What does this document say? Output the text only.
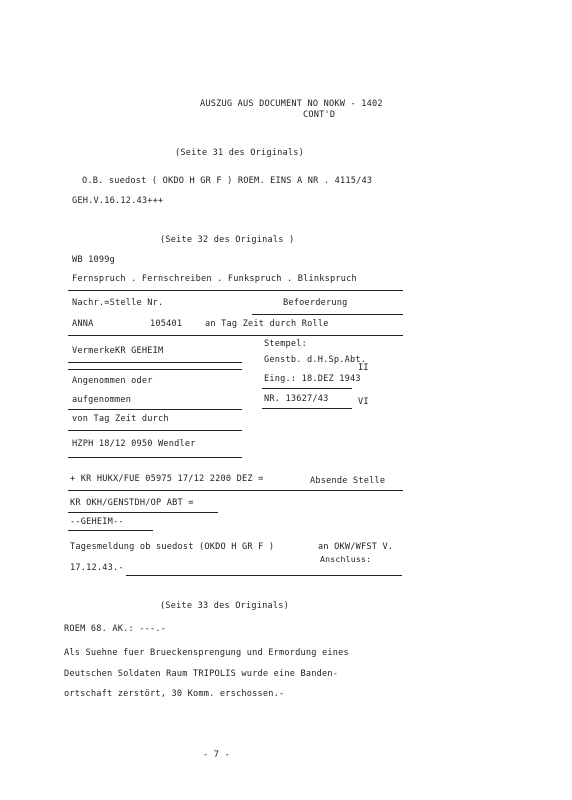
AUSZUG AUS DOCUMENT NO NOKW - 1402
CONT'D
(Seite 31 des Originals)
O.B. suedost ( OKDO H GR F ) ROEM. EINS A NR . 4115/43
GEH.V.16.12.43+++
(Seite 32 des Originals )
WB 1099g
Fernspruch . Fernschreiben . Funkspruch . Blinkspruch
Nachr.=Stelle Nr.	Befoerderung
ANNA	105401	an Tag Zeit durch Rolle
VermerkeKR GEHEIM
Stempel:
Genstb. d.H.Sp.Abt.
II
Angenommen oder	Eing.: 18.DEZ 1943
aufgenommen	NR. 13627/43	VI
von Tag Zeit durch
HZPH 18/12 0950 Wendler
+ KR HUKX/FUE 05975 17/12 2200 DEZ =	Absende Stelle
KR OKH/GENSTDH/OP ABT =
--GEHEIM--
Tagesmeldung ob suedost (OKDO H GR F )	an OKW/WFST V.
17.12.43.-
Anschluss:
(Seite 33 des Originals)
ROEM 68. AK.: ---.-
Als Suehne fuer Brueckensprengung und Ermordung eines
Deutschen Soldaten Raum TRIPOLIS wurde eine Banden-
ortschaft zerstört, 30 Komm. erschossen.-
- 7 -
